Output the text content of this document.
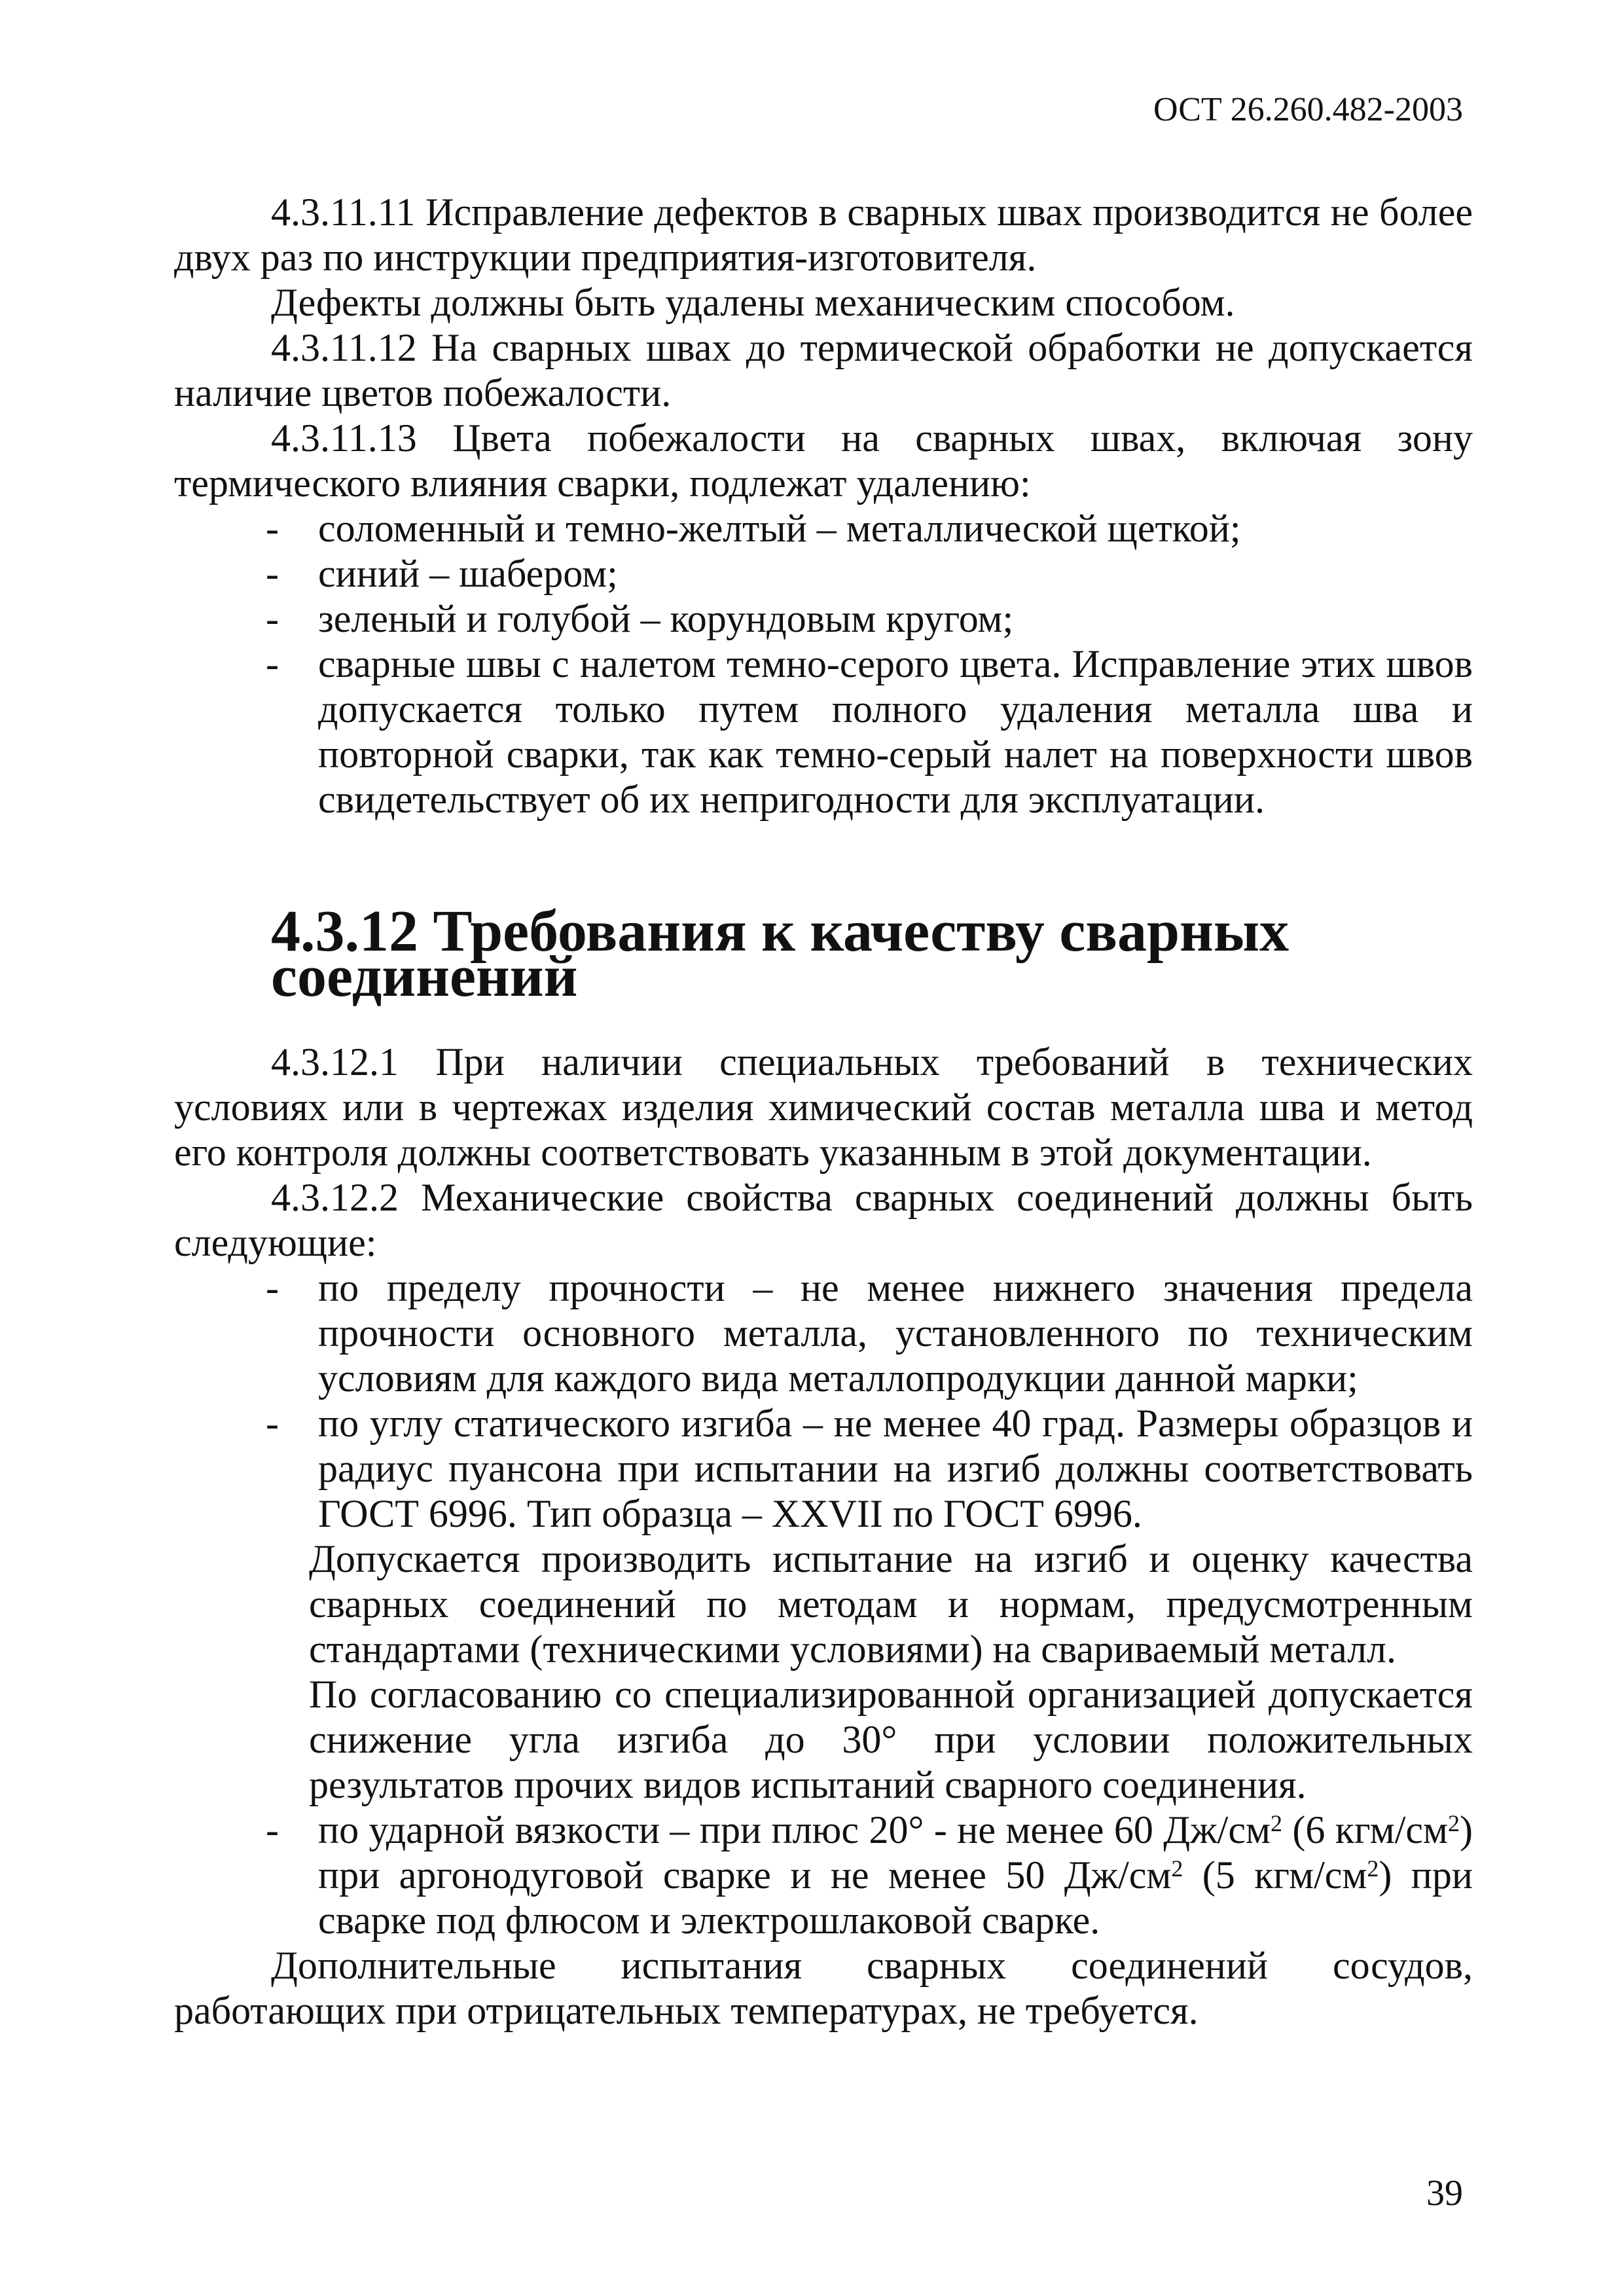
ОСТ 26.260.482-2003

4.3.11.11 Исправление дефектов в сварных швах производится не более двух раз по инструкции предприятия-изготовителя.

Дефекты должны быть удалены механическим способом.

4.3.11.12 На сварных швах до термической обработки не допускается наличие цветов побежалости.

4.3.11.13 Цвета побежалости на сварных швах, включая зону термического влияния сварки, подлежат удалению:

- соломенный и темно-желтый – металлической щеткой;
- синий – шабером;
- зеленый и голубой – корундовым кругом;
- сварные швы с налетом темно-серого цвета. Исправление этих швов допускается только путем полного удаления металла шва и повторной сварки, так как темно-серый налет на поверхности швов свидетельствует об их непригодности для эксплуатации.
4.3.12 Требования к качеству сварных соединений

4.3.12.1 При наличии специальных требований в технических условиях или в чертежах изделия химический состав металла шва и метод его контроля должны соответствовать указанным в этой документации.

4.3.12.2 Механические свойства сварных соединений должны быть следующие:

- по пределу прочности – не менее нижнего значения предела прочности основного металла, установленного по техническим условиям для каждого вида металлопродукции данной марки;
- по углу статического изгиба – не менее 40 град. Размеры образцов и радиус пуансона при испытании на изгиб должны соответствовать ГОСТ 6996. Тип образца – XXVII по ГОСТ 6996.

Допускается производить испытание на изгиб и оценку качества сварных соединений по методам и нормам, предусмотренным стандартами (техническими условиями) на свариваемый металл.

По согласованию со специализированной организацией допускается снижение угла изгиба до 30° при условии положительных результатов прочих видов испытаний сварного соединения.

- по ударной вязкости – при плюс 20° - не менее 60 $Дж/см^2$ (6 кгм/$см^2$) при аргонодуговой сварке и не менее 50 $Дж/см^2$ (5 кгм/$см^2$) при сварке под флюсом и электрошлаковой сварке.

Дополнительные испытания сварных соединений сосудов, работающих при отрицательных температурах, не требуется.

39
